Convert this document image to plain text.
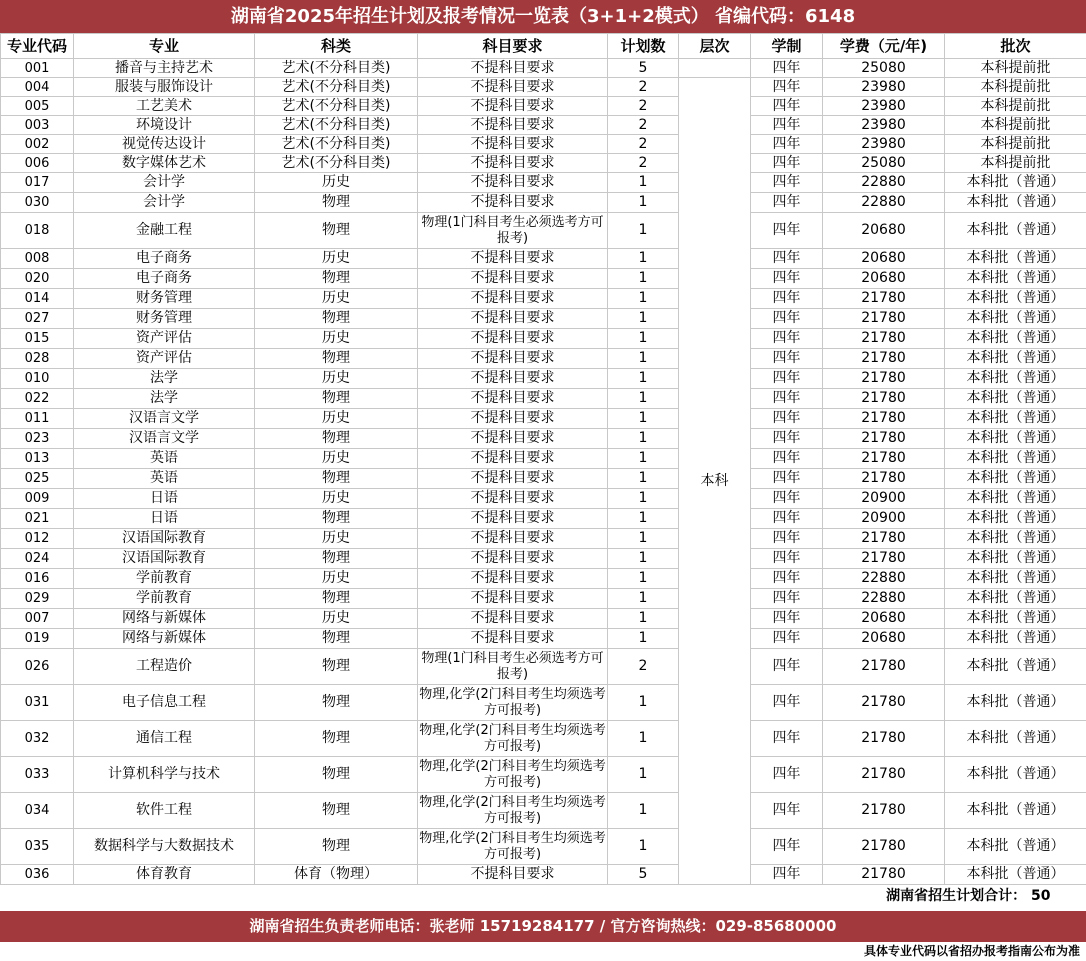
湖南省2025年招生计划及报考情况一览表（3+1+2模式） 省编代码：6148
专业代码	专业	科类	科目要求	计划数	层次	学制	学费（元/年)	批次
001	播音与主持艺术	艺术(不分科目类)	不提科目要求	5		四年	25080	本科提前批
004	服装与服饰设计	艺术(不分科目类)	不提科目要求	2	本科	四年	23980	本科提前批
005	工艺美术	艺术(不分科目类)	不提科目要求	2		四年	23980	本科提前批
003	环境设计	艺术(不分科目类)	不提科目要求	2		四年	23980	本科提前批
002	视觉传达设计	艺术(不分科目类)	不提科目要求	2		四年	23980	本科提前批
006	数字媒体艺术	艺术(不分科目类)	不提科目要求	2		四年	25080	本科提前批
017	会计学	历史	不提科目要求	1		四年	22880	本科批（普通）
030	会计学	物理	不提科目要求	1		四年	22880	本科批（普通）
018	金融工程	物理	物理(1门科目考生必须选考方可报考)	1		四年	20680	本科批（普通）
008	电子商务	历史	不提科目要求	1		四年	20680	本科批（普通）
020	电子商务	物理	不提科目要求	1		四年	20680	本科批（普通）
014	财务管理	历史	不提科目要求	1		四年	21780	本科批（普通）
027	财务管理	物理	不提科目要求	1		四年	21780	本科批（普通）
015	资产评估	历史	不提科目要求	1		四年	21780	本科批（普通）
028	资产评估	物理	不提科目要求	1		四年	21780	本科批（普通）
010	法学	历史	不提科目要求	1		四年	21780	本科批（普通）
022	法学	物理	不提科目要求	1		四年	21780	本科批（普通）
011	汉语言文学	历史	不提科目要求	1		四年	21780	本科批（普通）
023	汉语言文学	物理	不提科目要求	1		四年	21780	本科批（普通）
013	英语	历史	不提科目要求	1		四年	21780	本科批（普通）
025	英语	物理	不提科目要求	1		四年	21780	本科批（普通）
009	日语	历史	不提科目要求	1		四年	20900	本科批（普通）
021	日语	物理	不提科目要求	1		四年	20900	本科批（普通）
012	汉语国际教育	历史	不提科目要求	1		四年	21780	本科批（普通）
024	汉语国际教育	物理	不提科目要求	1		四年	21780	本科批（普通）
016	学前教育	历史	不提科目要求	1		四年	22880	本科批（普通）
029	学前教育	物理	不提科目要求	1		四年	22880	本科批（普通）
007	网络与新媒体	历史	不提科目要求	1		四年	20680	本科批（普通）
019	网络与新媒体	物理	不提科目要求	1		四年	20680	本科批（普通）
026	工程造价	物理	物理(1门科目考生必须选考方可报考)	2		四年	21780	本科批（普通）
031	电子信息工程	物理	物理,化学(2门科目考生均须选考方可报考)	1		四年	21780	本科批（普通）
032	通信工程	物理	物理,化学(2门科目考生均须选考方可报考)	1		四年	21780	本科批（普通）
033	计算机科学与技术	物理	物理,化学(2门科目考生均须选考方可报考)	1		四年	21780	本科批（普通）
034	软件工程	物理	物理,化学(2门科目考生均须选考方可报考)	1		四年	21780	本科批（普通）
035	数据科学与大数据技术	物理	物理,化学(2门科目考生均须选考方可报考)	1		四年	21780	本科批（普通）
036	体育教育	体育（物理）	不提科目要求	5		四年	21780	本科批（普通）
湖南省招生计划合计： 50								
湖南省招生负责老师电话：张老师 15719284177 / 官方咨询热线：029-85680000
具体专业代码以省招办报考指南公布为准
